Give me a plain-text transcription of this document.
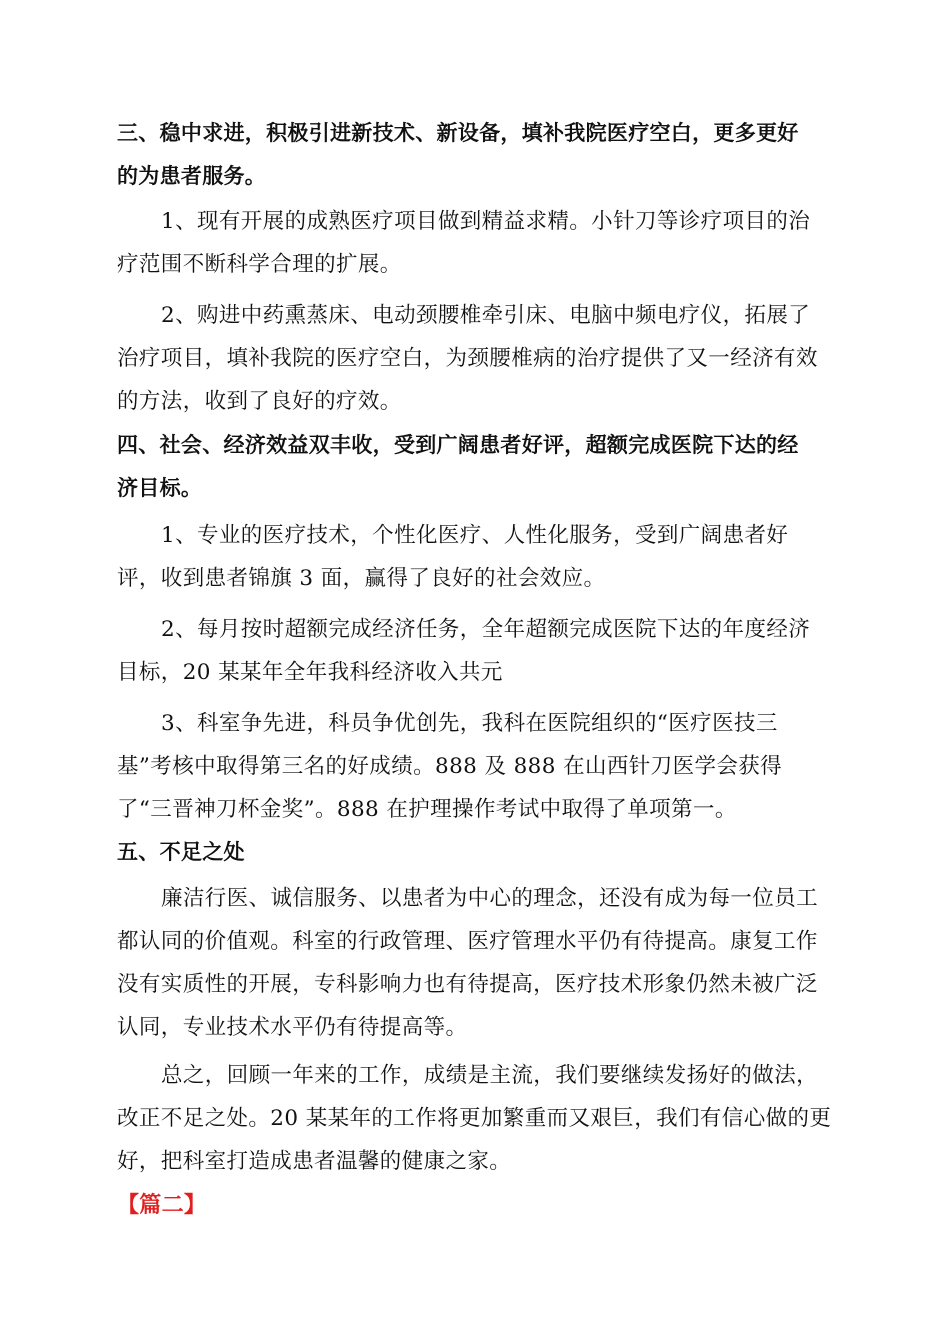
三、稳中求进，积极引进新技术、新设备，填补我院医疗空白，更多更好
的为患者服务。
1、现有开展的成熟医疗项目做到精益求精。小针刀等诊疗项目的治
疗范围不断科学合理的扩展。
2、购进中药熏蒸床、电动颈腰椎牵引床、电脑中频电疗仪，拓展了
治疗项目，填补我院的医疗空白，为颈腰椎病的治疗提供了又一经济有效
的方法，收到了良好的疗效。
四、社会、经济效益双丰收，受到广阔患者好评，超额完成医院下达的经
济目标。
1、专业的医疗技术，个性化医疗、人性化服务，受到广阔患者好
评，收到患者锦旗 3 面，赢得了良好的社会效应。
2、每月按时超额完成经济任务，全年超额完成医院下达的年度经济
目标，20 某某年全年我科经济收入共元
3、科室争先进，科员争优创先，我科在医院组织的“医疗医技三
基”考核中取得第三名的好成绩。888 及 888 在山西针刀医学会获得
了“三晋神刀杯金奖”。888 在护理操作考试中取得了单项第一。
五、不足之处
廉洁行医、诚信服务、以患者为中心的理念，还没有成为每一位员工
都认同的价值观。科室的行政管理、医疗管理水平仍有待提高。康复工作
没有实质性的开展，专科影响力也有待提高，医疗技术形象仍然未被广泛
认同，专业技术水平仍有待提高等。
总之，回顾一年来的工作，成绩是主流，我们要继续发扬好的做法，
改正不足之处。20 某某年的工作将更加繁重而又艰巨，我们有信心做的更
好，把科室打造成患者温馨的健康之家。
【篇二】
